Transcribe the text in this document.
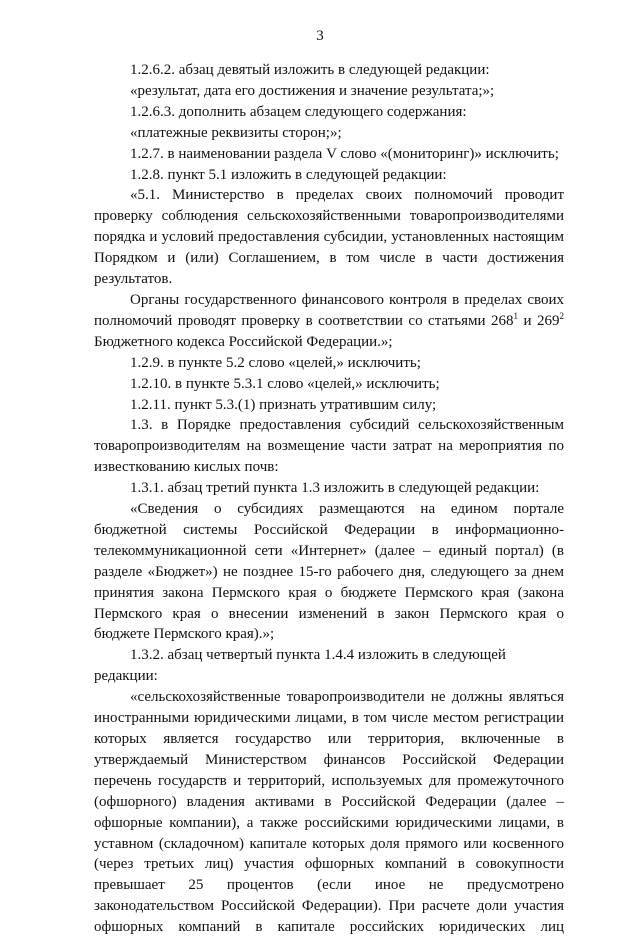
3

1.2.6.2. абзац девятый изложить в следующей редакции:

«результат, дата его достижения и значение результата;»;

1.2.6.3. дополнить абзацем следующего содержания:

«платежные реквизиты сторон;»;

1.2.7. в наименовании раздела V слово «(мониторинг)» исключить;

1.2.8. пункт 5.1 изложить в следующей редакции:

«5.1. Министерство в пределах своих полномочий проводит проверку соблюдения сельскохозяйственными товаропроизводителями порядка и условий предоставления субсидии, установленных настоящим Порядком и (или) Соглашением, в том числе в части достижения результатов.

Органы государственного финансового контроля в пределах своих полномочий проводят проверку в соответствии со статьями $268^1$ и $269^2$ Бюджетного кодекса Российской Федерации.»;

1.2.9. в пункте 5.2 слово «целей,» исключить;

1.2.10. в пункте 5.3.1 слово «целей,» исключить;

1.2.11. пункт 5.3.(1) признать утратившим силу;

1.3. в Порядке предоставления субсидий сельскохозяйственным товаропроизводителям на возмещение части затрат на мероприятия по известкованию кислых почв:

1.3.1. абзац третий пункта 1.3 изложить в следующей редакции:

«Сведения о субсидиях размещаются на едином портале бюджетной системы Российской Федерации в информационно-телекоммуникационной сети «Интернет» (далее – единый портал) (в разделе «Бюджет») не позднее 15-го рабочего дня, следующего за днем принятия закона Пермского края о бюджете Пермского края (закона Пермского края о внесении изменений в закон Пермского края о бюджете Пермского края).»;

1.3.2. абзац четвертый пункта 1.4.4 изложить в следующей редакции:

«сельскохозяйственные товаропроизводители не должны являться иностранными юридическими лицами, в том числе местом регистрации которых является государство или территория, включенные в утверждаемый Министерством финансов Российской Федерации перечень государств и территорий, используемых для промежуточного (офшорного) владения активами в Российской Федерации (далее – офшорные компании), а также российскими юридическими лицами, в уставном (складочном) капитале которых доля прямого или косвенного (через третьих лиц) участия офшорных компаний в совокупности превышает 25 процентов (если иное не предусмотрено законодательством Российской Федерации). При расчете доли участия офшорных компаний в капитале российских юридических лиц
